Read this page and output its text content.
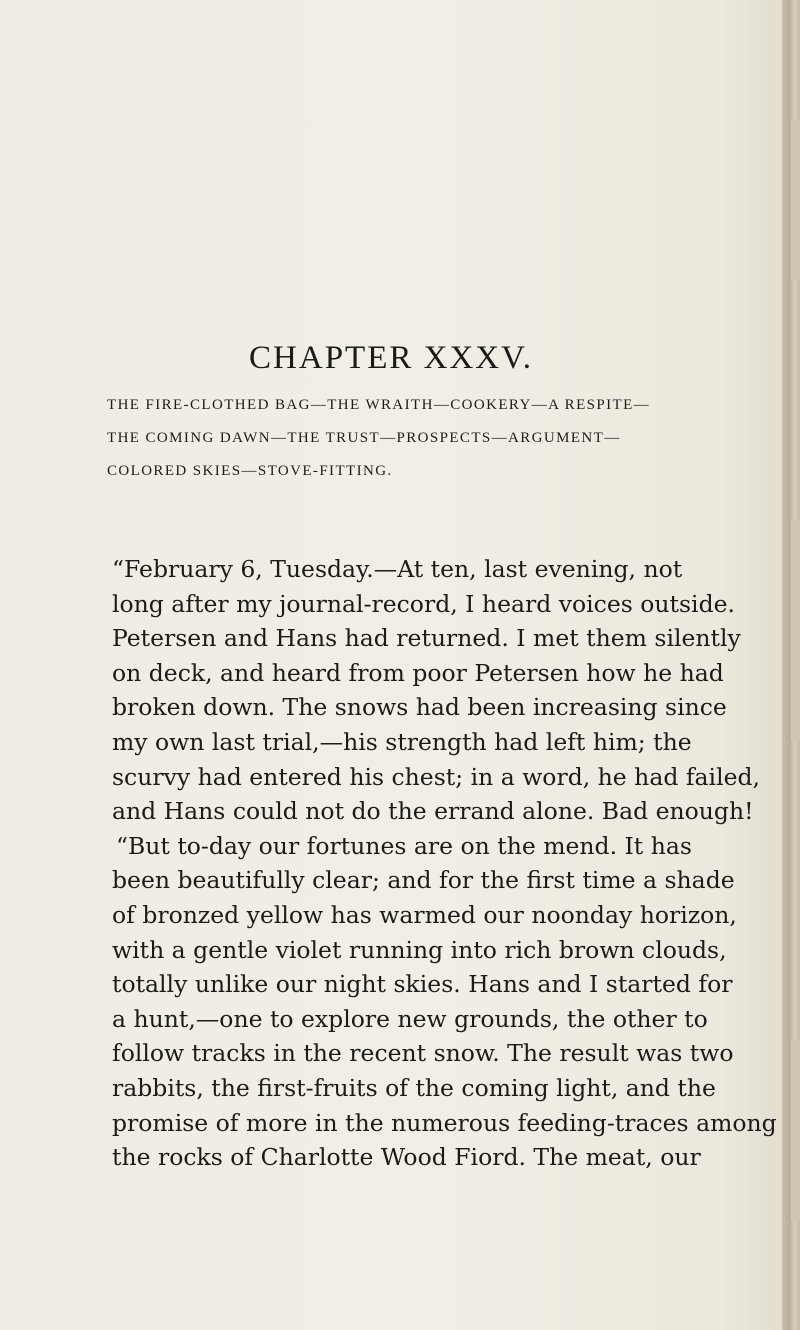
CHAPTER XXXV.
THE FIRE-CLOTHED BAG—THE WRAITH—COOKERY—A RESPITE—
THE COMING DAWN—THE TRUST—PROSPECTS—ARGUMENT—
COLORED SKIES—STOVE-FITTING.
“February 6, Tuesday.—At ten, last evening, not
long after my journal-record, I heard voices outside.
Petersen and Hans had returned. I met them silently
on deck, and heard from poor Petersen how he had
broken down. The snows had been increasing since
my own last trial,—his strength had left him; the
scurvy had entered his chest; in a word, he had failed,
and Hans could not do the errand alone. Bad enough!
“But to-day our fortunes are on the mend. It has
been beautifully clear; and for the first time a shade
of bronzed yellow has warmed our noonday horizon,
with a gentle violet running into rich brown clouds,
totally unlike our night skies. Hans and I started for
a hunt,—one to explore new grounds, the other to
follow tracks in the recent snow. The result was two
rabbits, the first-fruits of the coming light, and the
promise of more in the numerous feeding-traces among
the rocks of Charlotte Wood Fiord. The meat, our
